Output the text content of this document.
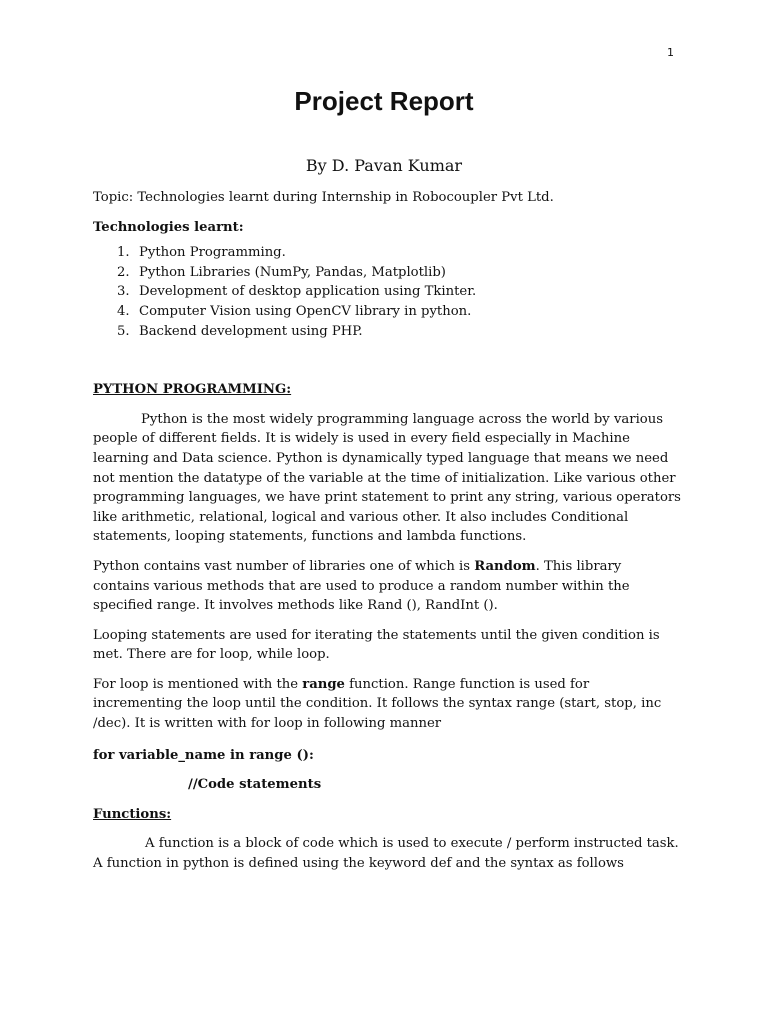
1
Project Report
By D. Pavan Kumar

Topic: Technologies learnt during Internship in Robocoupler Pvt Ltd.

Technologies learnt:

1. Python Programming.
2. Python Libraries (NumPy, Pandas, Matplotlib)
3. Development of desktop application using Tkinter.
4. Computer Vision using OpenCV library in python.
5. Backend development using PHP.

PYTHON PROGRAMMING:

Python is the most widely programming language across the world by various people of different fields. It is widely is used in every field especially in Machine learning and Data science. Python is dynamically typed language that means we need not mention the datatype of the variable at the time of initialization. Like various other programming languages, we have print statement to print any string, various operators like arithmetic, relational, logical and various other. It also includes Conditional statements, looping statements, functions and lambda functions.

Python contains vast number of libraries one of which is Random. This library contains various methods that are used to produce a random number within the specified range. It involves methods like Rand (), RandInt ().

Looping statements are used for iterating the statements until the given condition is met. There are for loop, while loop.

For loop is mentioned with the range function. Range function is used for incrementing the loop until the condition. It follows the syntax range (start, stop, inc /dec). It is written with for loop in following manner

for variable_name in range ():

//Code statements

Functions:

A function is a block of code which is used to execute / perform instructed task. A function in python is defined using the keyword def and the syntax as follows
